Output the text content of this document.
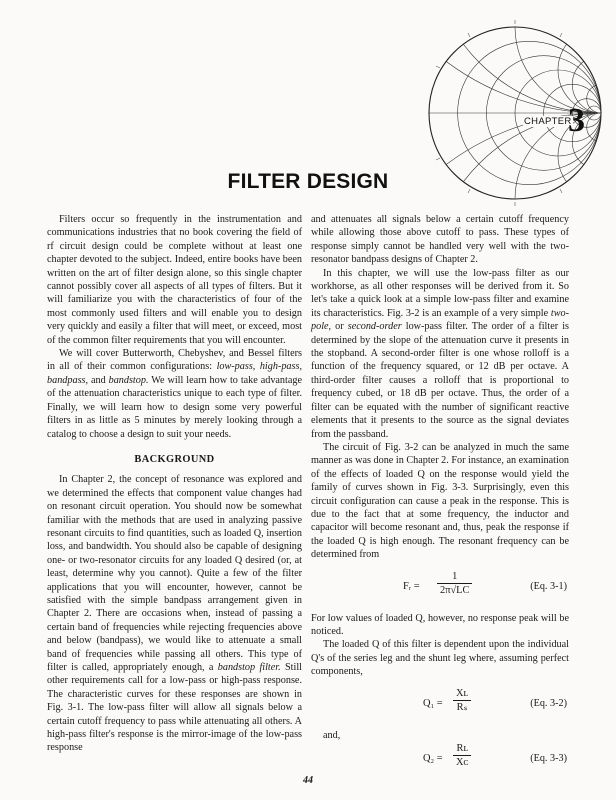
CHAPTER
3
FILTER DESIGN

Filters occur so frequently in the instrumentation and communications industries that no book covering the field of rf circuit design could be complete without at least one chapter devoted to the subject. Indeed, entire books have been written on the art of filter design alone, so this single chapter cannot possibly cover all aspects of all types of filters. But it will familiarize you with the characteristics of four of the most commonly used filters and will enable you to design very quickly and easily a filter that will meet, or exceed, most of the common filter requirements that you will encounter.

We will cover Butterworth, Chebyshev, and Bessel filters in all of their common configurations: low-pass, high-pass, bandpass, and bandstop. We will learn how to take advantage of the attenuation characteristics unique to each type of filter. Finally, we will learn how to design some very powerful filters in as little as 5 minutes by merely looking through a catalog to choose a design to suit your needs.

BACKGROUND

In Chapter 2, the concept of resonance was explored and we determined the effects that component value changes had on resonant circuit operation. You should now be somewhat familiar with the methods that are used in analyzing passive resonant circuits to find quantities, such as loaded Q, insertion loss, and bandwidth. You should also be capable of designing one- or two-resonator circuits for any loaded Q desired (or, at least, determine why you cannot). Quite a few of the filter applications that you will encounter, however, cannot be satisfied with the simple bandpass arrangement given in Chapter 2. There are occasions when, instead of passing a certain band of frequencies while rejecting frequencies above and below (bandpass), we would like to attenuate a small band of frequencies while passing all others. This type of filter is called, appropriately enough, a bandstop filter. Still other requirements call for a low-pass or high-pass response. The characteristic curves for these responses are shown in Fig. 3-1. The low-pass filter will allow all signals below a certain cutoff frequency to pass while attenuating all others. A high-pass filter's response is the mirror-image of the low-pass response

and attenuates all signals below a certain cutoff frequency while allowing those above cutoff to pass. These types of response simply cannot be handled very well with the two-resonator bandpass designs of Chapter 2.

In this chapter, we will use the low-pass filter as our workhorse, as all other responses will be derived from it. So let's take a quick look at a simple low-pass filter and examine its characteristics. Fig. 3-2 is an example of a very simple two-pole, or second-order low-pass filter. The order of a filter is determined by the slope of the attenuation curve it presents in the stopband. A second-order filter is one whose rolloff is a function of the frequency squared, or 12 dB per octave. A third-order filter causes a rolloff that is proportional to frequency cubed, or 18 dB per octave. Thus, the order of a filter can be equated with the number of significant reactive elements that it presents to the source as the signal deviates from the passband.

The circuit of Fig. 3-2 can be analyzed in much the same manner as was done in Chapter 2. For instance, an examination of the effects of loaded Q on the response would yield the family of curves shown in Fig. 3-3. Surprisingly, even this circuit configuration can cause a peak in the response. This is due to the fact that at some frequency, the inductor and capacitor will become resonant and, thus, peak the response if the loaded Q is high enough. The resonant frequency can be determined from

Fᵣ = $\frac{1}{2\pi√LC}$	(Eq. 3-1)

For low values of loaded Q, however, no response peak will be noticed.

The loaded Q of this filter is dependent upon the individual Q's of the series leg and the shunt leg where, assuming perfect components,

$Q_1 = \frac{\text{Xʟ}}{\text{Rₛ}}$	(Eq. 3-2)

and,

$Q_2 = \frac{\text{Rʟ}}{\text{Xᴄ}}$	(Eq. 3-3)
44
